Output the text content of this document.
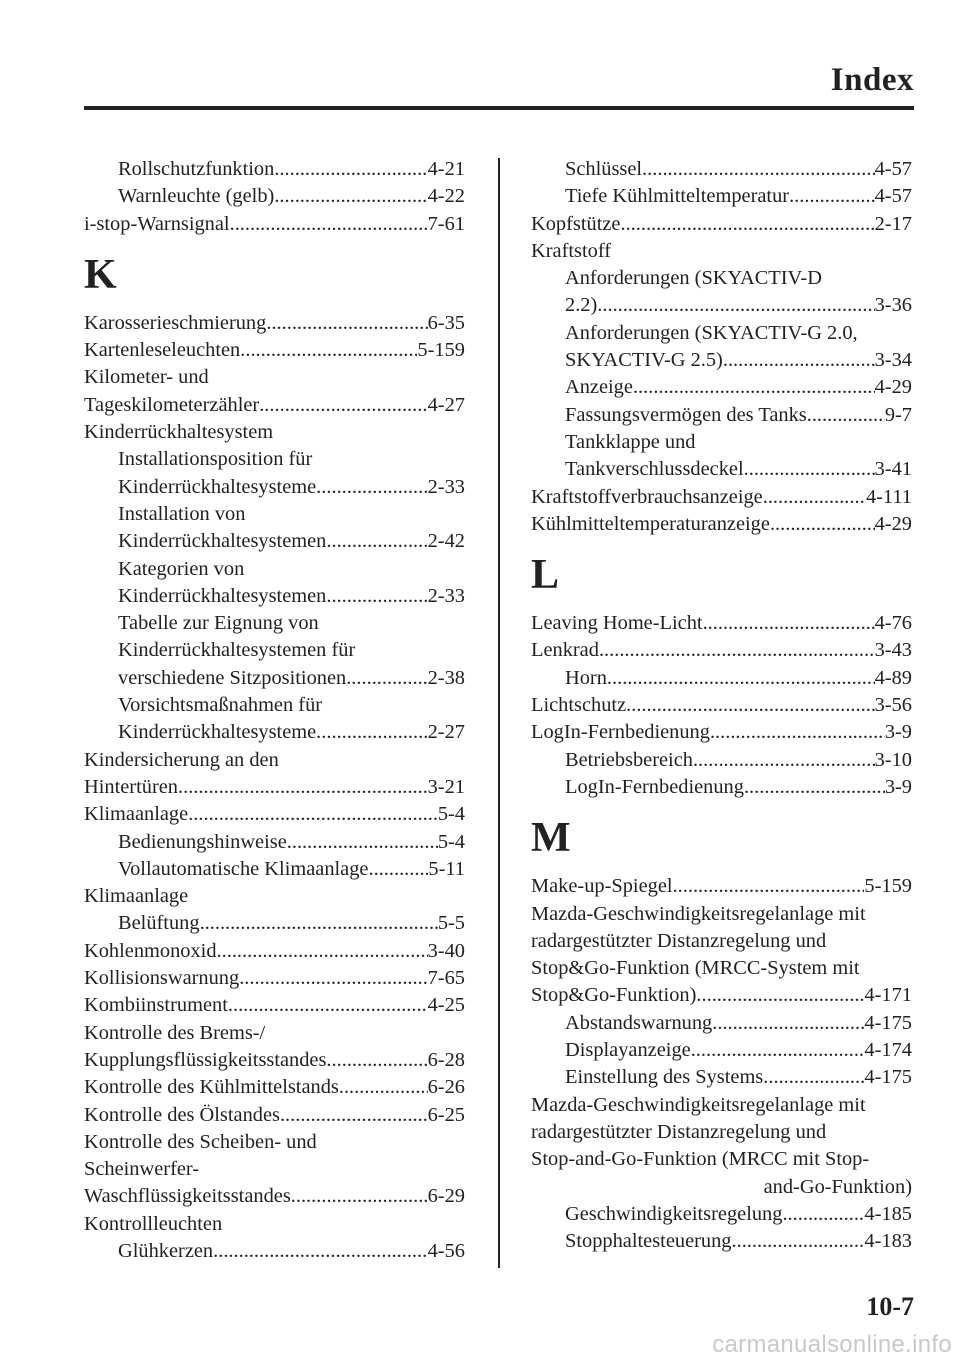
Index
Rollschutzfunktion .....	4-21
Warnleuchte (gelb) .....	4-22
i-stop-Warnsignal .....	7-61
K
Karosserieschmierung .....	6-35
Kartenleseleuchten .....	5-159
Kilometer- und
Tageskilometerzähler .....	4-27
Kinderrückhaltesystem
Installationsposition für
Kinderrückhaltesysteme .....	2-33
Installation von
Kinderrückhaltesystemen .....	2-42
Kategorien von
Kinderrückhaltesystemen .....	2-33
Tabelle zur Eignung von
Kinderrückhaltesystemen für
verschiedene Sitzpositionen .....	2-38
Vorsichtsmaßnahmen für
Kinderrückhaltesysteme .....	2-27
Kindersicherung an den
Hintertüren .....	3-21
Klimaanlage .....	5-4
Bedienungshinweise .....	5-4
Vollautomatische Klimaanlage .....	5-11
Klimaanlage
Belüftung .....	5-5
Kohlenmonoxid .....	3-40
Kollisionswarnung .....	7-65
Kombiinstrument .....	4-25
Kontrolle des Brems-/
Kupplungsflüssigkeitsstandes .....	6-28
Kontrolle des Kühlmittelstands .....	6-26
Kontrolle des Ölstandes .....	6-25
Kontrolle des Scheiben- und
Scheinwerfer-
Waschflüssigkeitsstandes .....	6-29
Kontrollleuchten
Glühkerzen .....	4-56
Schlüssel .....	4-57
Tiefe Kühlmitteltemperatur .....	4-57
Kopfstütze .....	2-17
Kraftstoff
Anforderungen (SKYACTIV-D
2.2) .....	3-36
Anforderungen (SKYACTIV-G 2.0,
SKYACTIV-G 2.5) .....	3-34
Anzeige .....	4-29
Fassungsvermögen des Tanks .....	9-7
Tankklappe und
Tankverschlussdeckel .....	3-41
Kraftstoffverbrauchsanzeige .....	4-111
Kühlmitteltemperaturanzeige .....	4-29
L
Leaving Home-Licht .....	4-76
Lenkrad .....	3-43
Horn .....	4-89
Lichtschutz .....	3-56
LogIn-Fernbedienung .....	3-9
Betriebsbereich .....	3-10
LogIn-Fernbedienung .....	3-9
M
Make-up-Spiegel .....	5-159
Mazda-Geschwindigkeitsregelanlage mit
radargestützter Distanzregelung und
Stop&Go-Funktion (MRCC-System mit
Stop&Go-Funktion) .....	4-171
Abstandswarnung .....	4-175
Displayanzeige .....	4-174
Einstellung des Systems .....	4-175
Mazda-Geschwindigkeitsregelanlage mit
radargestützter Distanzregelung und
Stop-and-Go-Funktion (MRCC mit Stop-
and-Go-Funktion)
Geschwindigkeitsregelung .....	4-185
Stopphaltesteuerung .....	4-183
10-7
carmanualsonline.info
